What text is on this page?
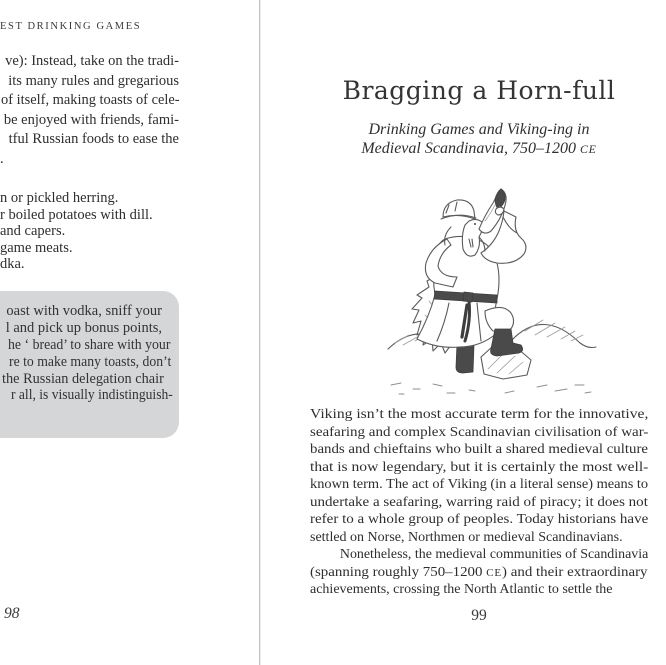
EST DRINKING GAMES
ve): Instead, take on the tradi-
its many rules and gregarious
of itself, making toasts of cele-
be enjoyed with friends, fami-
tful Russian foods to ease the
.
n or pickled herring.
r boiled potatoes with dill.
and capers.
game meats.
dka.
oast with vodka, sniff your
l and pick up bonus points,
he ‘ bread’ to share with your
re to make many toasts, don’t
the Russian delegation chair
r all, is visually indistinguish-
98
Bragging a Horn-full
Drinking Games and Viking-ing in
Medieval Scandinavia, 750–1200 CE
Viking isn’t the most accurate term for the innovative,
seafaring and complex Scandinavian civilisation of war-
bands and chieftains who built a shared medieval culture
that is now legendary, but it is certainly the most well-
known term. The act of Viking (in a literal sense) means to
undertake a seafaring, warring raid of piracy; it does not
refer to a whole group of peoples. Today historians have
settled on Norse, Northmen or medieval Scandinavians.
Nonetheless, the medieval communities of Scandinavia
(spanning roughly 750–1200 CE) and their extraordinary
achievements, crossing the North Atlantic to settle the
99
